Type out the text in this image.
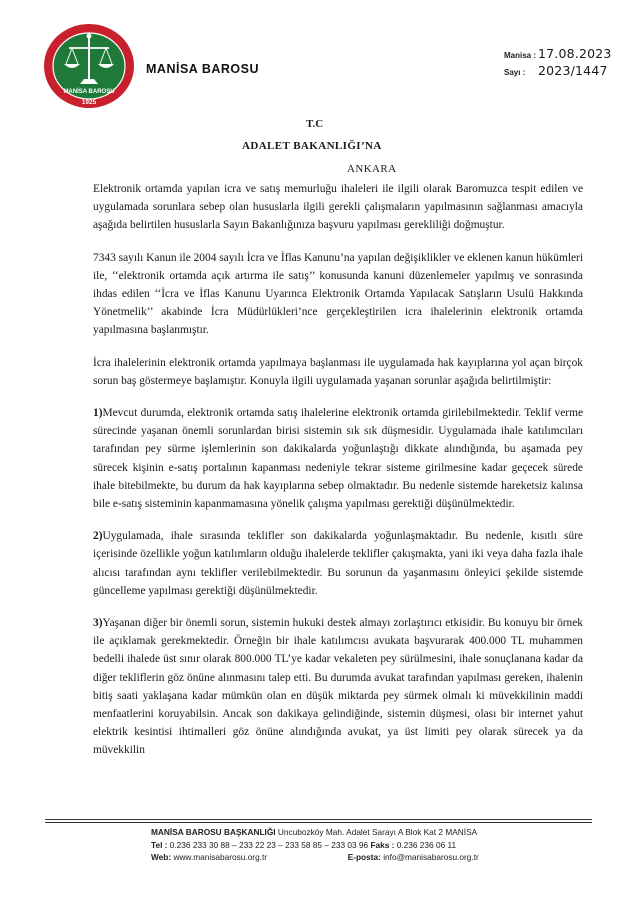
MANİSA BAROSU
1925
MANİSA BAROSU
Manisa : 17.08.2023
Sayı :	2023/1447
T.C
ADALET BAKANLIĞI’NA
ANKARA

Elektronik ortamda yapılan icra ve satış memurluğu ihaleleri ile ilgili olarak Baromuzca tespit edilen ve uygulamada sorunlara sebep olan hususlarla ilgili gerekli çalışmaların yapılmasının sağlanması amacıyla aşağıda belirtilen hususlarla Sayın Bakanlığınıza başvuru yapılması gerekliliği doğmuştur.

7343 sayılı Kanun ile 2004 sayılı İcra ve İflas Kanunu’na yapılan değişiklikler ve eklenen kanun hükümleri ile, ‘‘elektronik ortamda açık artırma ile satış’’ konusunda kanuni düzenlemeler yapılmış ve sonrasında ihdas edilen ‘‘İcra ve İflas Kanunu Uyarınca Elektronik Ortamda Yapılacak Satışların Usulü Hakkında Yönetmelik’’ akabinde İcra Müdürlükleri’nce gerçekleştirilen icra ihalelerinin elektronik ortamda yapılmasına başlanmıştır.

İcra ihalelerinin elektronik ortamda yapılmaya başlanması ile uygulamada hak kayıplarına yol açan birçok sorun baş göstermeye başlamıştır. Konuyla ilgili uygulamada yaşanan sorunlar aşağıda belirtilmiştir:

1)Mevcut durumda, elektronik ortamda satış ihalelerine elektronik ortamda girilebilmektedir. Teklif verme sürecinde yaşanan önemli sorunlardan birisi sistemin sık sık düşmesidir. Uygulamada ihale katılımcıları tarafından pey sürme işlemlerinin son dakikalarda yoğunlaştığı dikkate alındığında, bu aşamada pey sürecek kişinin e-satış portalının kapanması nedeniyle tekrar sisteme girilmesine kadar geçecek sürede ihale bitebilmekte, bu durum da hak kayıplarına sebep olmaktadır. Bu nedenle sistemde hareketsiz kalınsa bile e-satış sisteminin kapanmamasına yönelik çalışma yapılması gerektiği düşünülmektedir.

2)Uygulamada, ihale sırasında teklifler son dakikalarda yoğunlaşmaktadır. Bu nedenle, kısıtlı süre içerisinde özellikle yoğun katılımların olduğu ihalelerde teklifler çakışmakta, yani iki veya daha fazla ihale alıcısı tarafından aynı teklifler verilebilmektedir. Bu sorunun da yaşanmasını önleyici şekilde sistemde güncelleme yapılması gerektiği düşünülmektedir.

3)Yaşanan diğer bir önemli sorun, sistemin hukuki destek almayı zorlaştırıcı etkisidir. Bu konuyu bir örnek ile açıklamak gerekmektedir. Örneğin bir ihale katılımcısı avukata başvurarak 400.000 TL muhammen bedelli ihalede üst sınır olarak 800.000 TL’ye kadar vekaleten pey sürülmesini, ihale sonuçlanana kadar da diğer tekliflerin göz önüne alınmasını talep etti. Bu durumda avukat tarafından yapılması gereken, ihalenin bitiş saati yaklaşana kadar mümkün olan en düşük miktarda pey sürmek olmalı ki müvekkilinin maddi menfaatlerini koruyabilsin. Ancak son dakikaya gelindiğinde, sistemin düşmesi, olası bir internet yahut elektrik kesintisi ihtimalleri göz önüne alındığında avukat, ya üst limiti pey olarak sürecek ya da müvekkilin

MANİSA BAROSU BAŞKANLIĞI Uncubozköy Mah. Adalet Sarayı A Blok Kat 2 MANİSA
Tel : 0.236 233 30 88 – 233 22 23 – 233 58 85 – 233 03 96 Faks : 0.236 236 06 11
Web: www.manisabarosu.org.tr	E-posta: info@manisabarosu.org.tr
